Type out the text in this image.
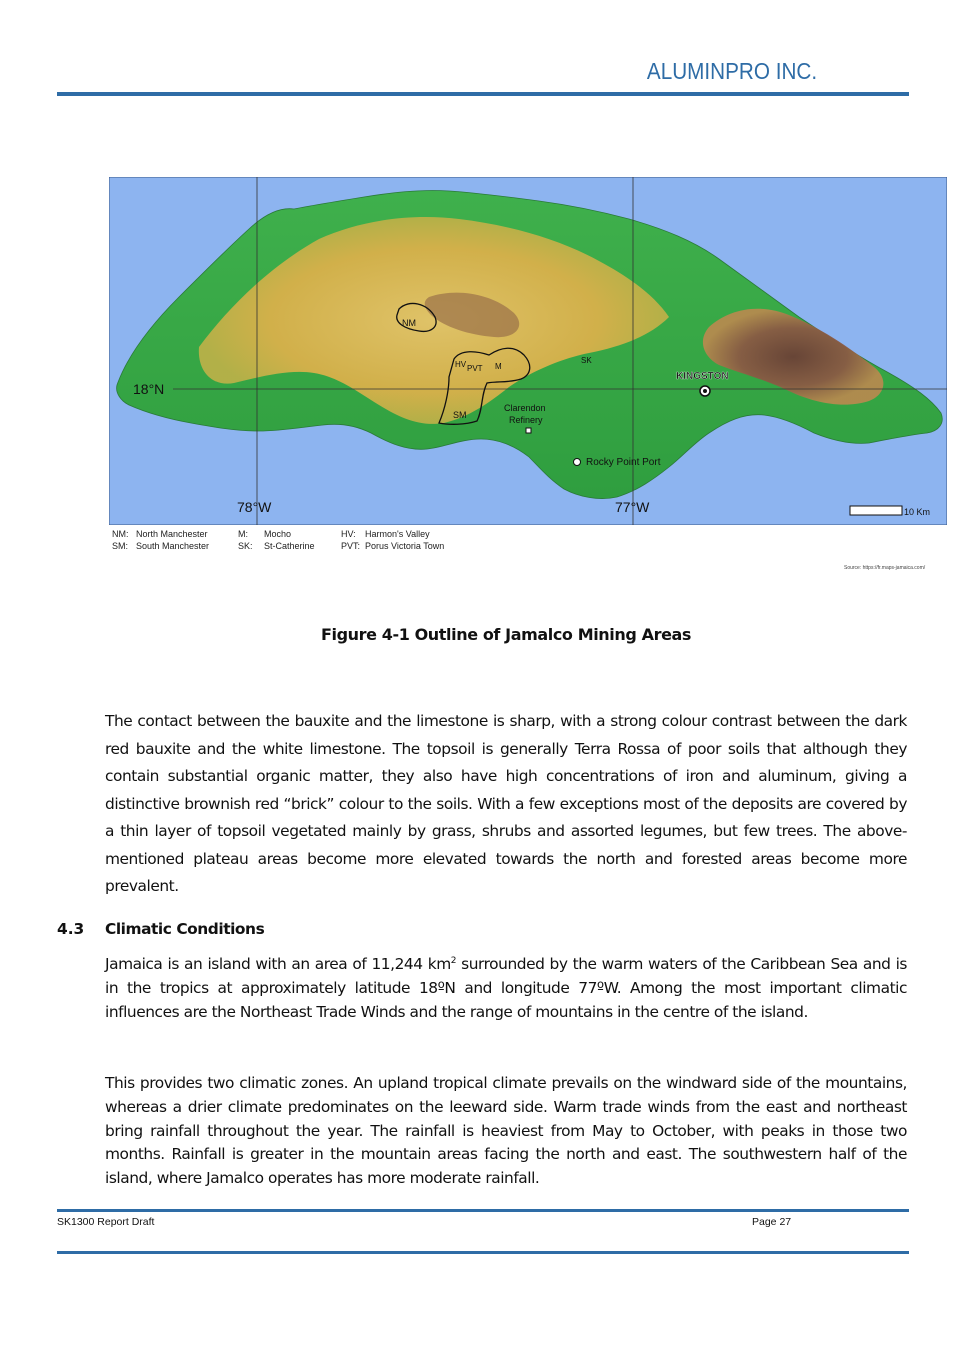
ALUMINPRO INC.
18°N
78°W	77°W
NM
HV PVT M
SK
SM
Clarendon
Refinery
Rocky Point Port
KINGSTON
10 Km
NM: North Manchester
SM: South Manchester
M: Mocho
SK: St-Catherine
HV: Harmon's Valley
PVT: Porus Victoria Town
Source: https://fr.maps-jamaica.com/
Figure 4-1 Outline of Jamalco Mining Areas
The contact between the bauxite and the limestone is sharp, with a strong colour contrast between the dark red bauxite and the white limestone. The topsoil is generally Terra Rossa of poor soils that although they contain substantial organic matter, they also have high concentrations of iron and aluminum, giving a distinctive brownish red “brick” colour to the soils. With a few exceptions most of the deposits are covered by a thin layer of topsoil vegetated mainly by grass, shrubs and assorted legumes, but few trees. The above-mentioned plateau areas become more elevated towards the north and forested areas become more prevalent.
4.3 Climatic Conditions
Jamaica is an island with an area of 11,244 $km^2$ surrounded by the warm waters of the Caribbean Sea and is in the tropics at approximately latitude 18ºN and longitude 77ºW. Among the most important climatic influences are the Northeast Trade Winds and the range of mountains in the centre of the island.
This provides two climatic zones. An upland tropical climate prevails on the windward side of the mountains, whereas a drier climate predominates on the leeward side. Warm trade winds from the east and northeast bring rainfall throughout the year. The rainfall is heaviest from May to October, with peaks in those two months. Rainfall is greater in the mountain areas facing the north and east. The southwestern half of the island, where Jamalco operates has more moderate rainfall.
SK1300 Report Draft	Page 27
